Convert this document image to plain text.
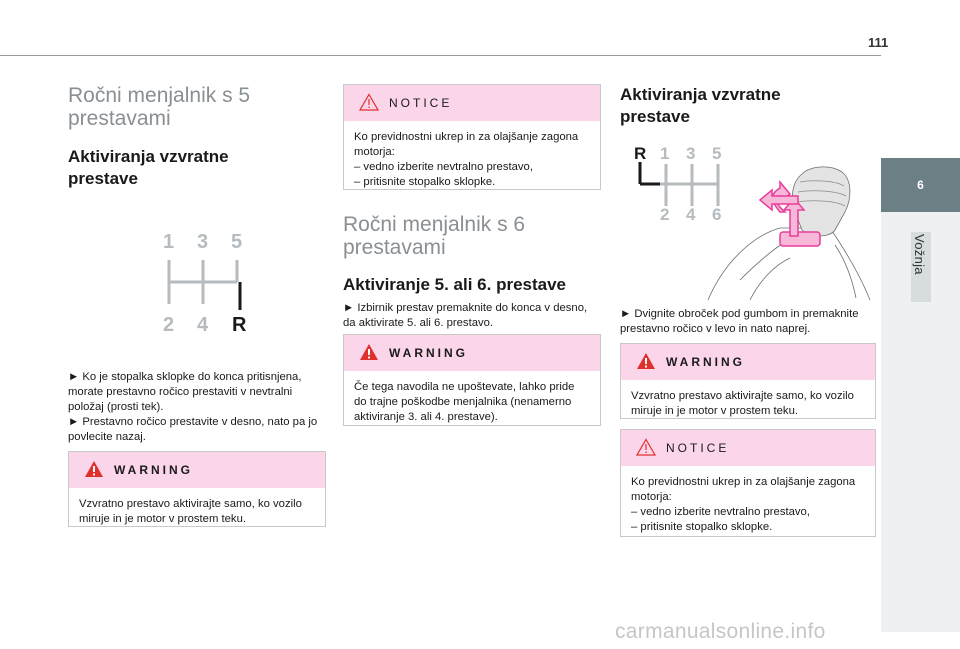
111
6
Vožnja
Ročni menjalnik s 5 prestavami
Aktiviranja vzvratne prestave
1 3 5
2 4 R

► Ko je stopalka sklopke do konca pritisnjena, morate prestavno ročico prestaviti v nevtralni položaj (prosti tek).
► Prestavno ročico prestavite v desno, nato pa jo povlecite nazaj.

WARNING

Vzvratno prestavo aktivirajte samo, ko vozilo miruje in je motor v prostem teku.

NOTICE

Ko previdnostni ukrep in za olajšanje zagona motorja:
– vedno izberite nevtralno prestavo,
– pritisnite stopalko sklopke.

Ročni menjalnik s 6 prestavami
Aktiviranje 5. ali 6. prestave

► Izbirnik prestav premaknite do konca v desno, da aktivirate 5. ali 6. prestavo.

WARNING

Če tega navodila ne upoštevate, lahko pride do trajne poškodbe menjalnika (nenamerno aktiviranje 3. ali 4. prestave).

Aktiviranja vzvratne prestave
R 1 3 5
2 4 6

► Dvignite obroček pod gumbom in premaknite prestavno ročico v levo in nato naprej.

WARNING

Vzvratno prestavo aktivirajte samo, ko vozilo miruje in je motor v prostem teku.

NOTICE

Ko previdnostni ukrep in za olajšanje zagona motorja:
– vedno izberite nevtralno prestavo,
– pritisnite stopalko sklopke.

carmanualsonline.info
